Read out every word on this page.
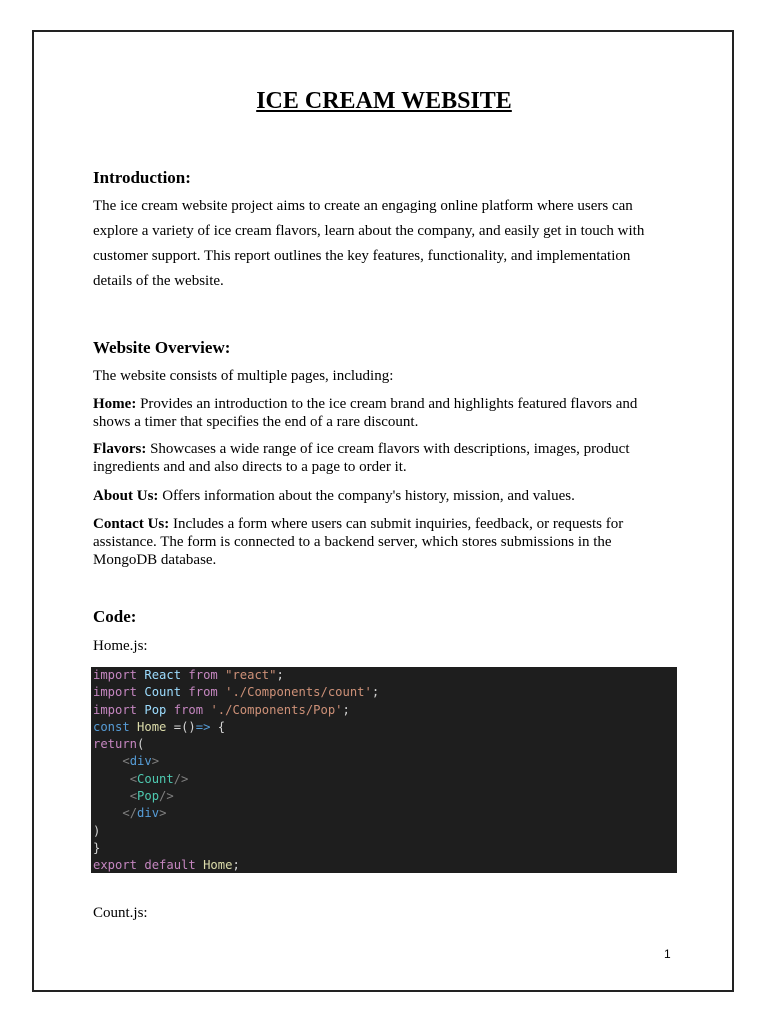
ICE CREAM WEBSITE
Introduction:

The ice cream website project aims to create an engaging online platform where users can

explore a variety of ice cream flavors, learn about the company, and easily get in touch with

customer support. This report outlines the key features, functionality, and implementation

details of the website.

Website Overview:

The website consists of multiple pages, including:

Home: Provides an introduction to the ice cream brand and highlights featured flavors and

shows a timer that specifies the end of a rare discount.

Flavors: Showcases a wide range of ice cream flavors with descriptions, images, product

ingredients and and also directs to a page to order it.

About Us: Offers information about the company's history, mission, and values.

Contact Us: Includes a form where users can submit inquiries, feedback, or requests for

assistance. The form is connected to a backend server, which stores submissions in the

MongoDB database.

Code:

Home.js:

import React from "react";
import Count from './Components/count';
import Pop from './Components/Pop';
const Home =()=> {
return(
<div>
<Count/>
<Pop/>
</div>
)
}
export default Home;

Count.js:

1
